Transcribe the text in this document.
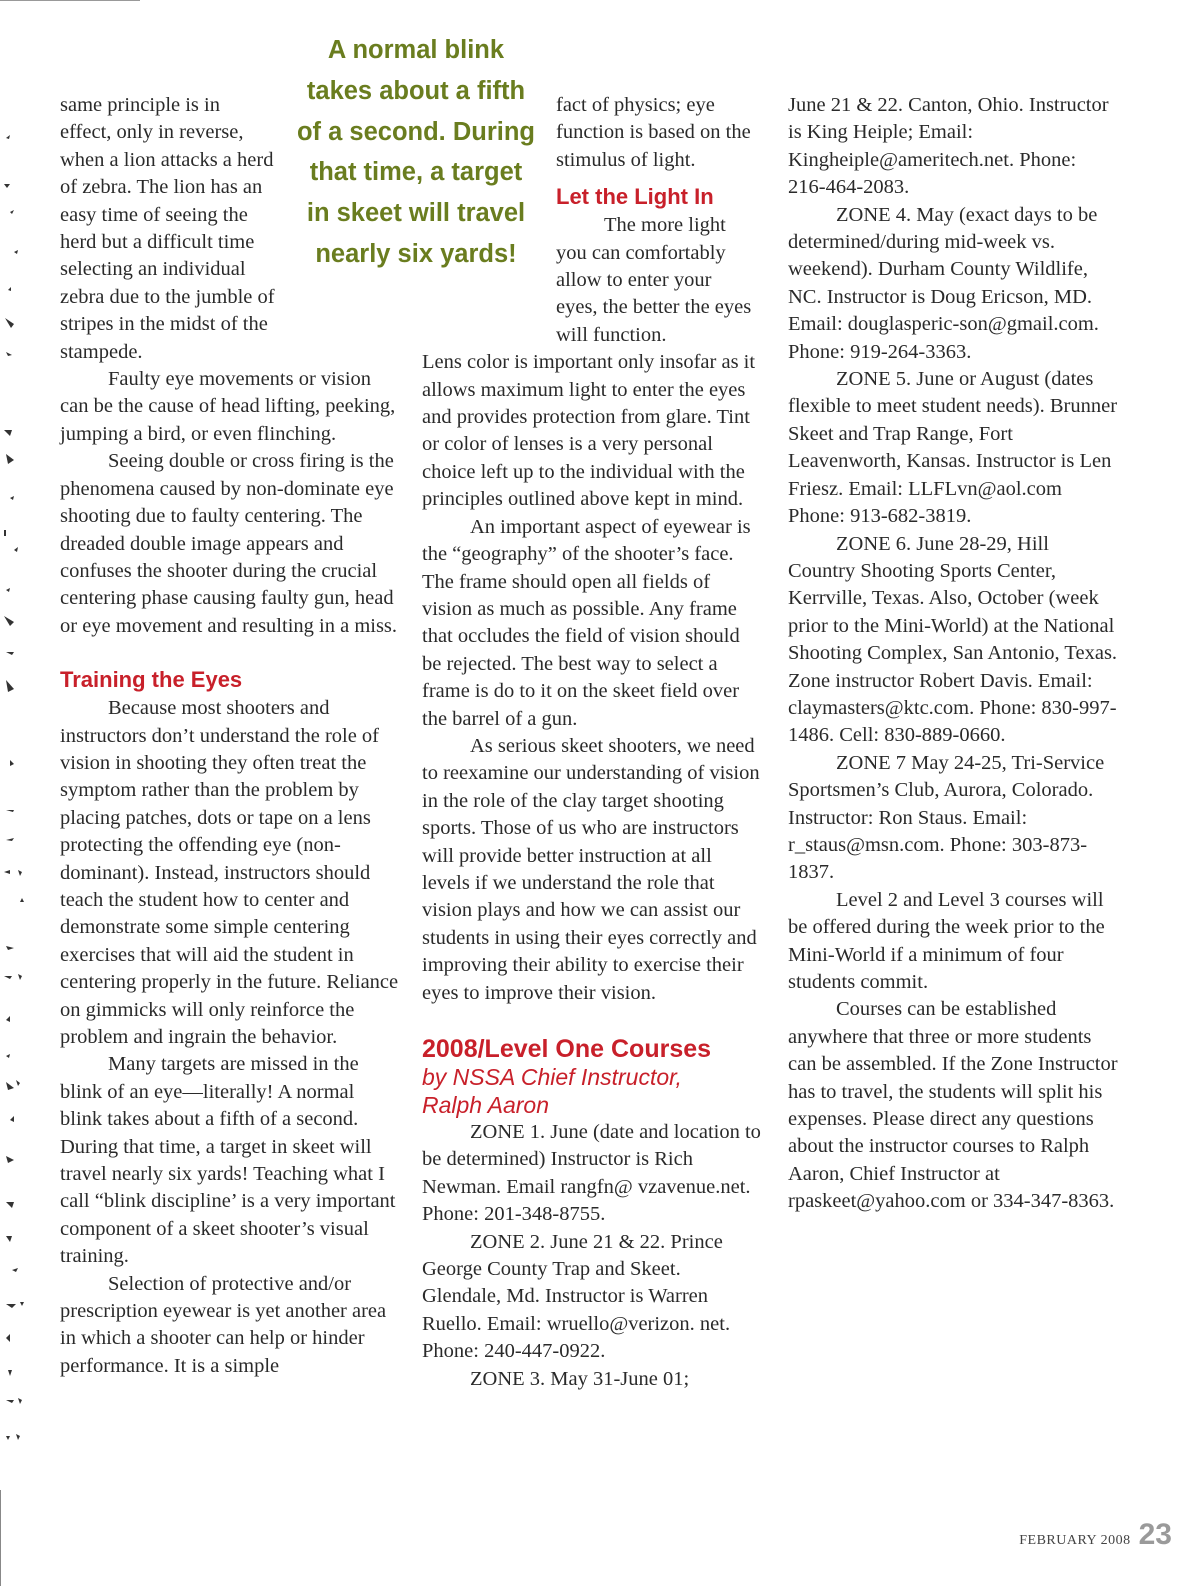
A normal blink takes about a fifth of a second. During that time, a target in skeet will travel nearly six yards!

same principle is in effect, only in reverse, when a lion attacks a herd of zebra. The lion has an easy time of seeing the herd but a difficult time selecting an individual zebra due to the jumble of stripes in the midst of the stampede.

Faulty eye movements or vision can be the cause of head lifting, peeking, jumping a bird, or even flinching.

Seeing double or cross firing is the phenomena caused by non-dominate eye shooting due to faulty centering. The dreaded double image appears and confuses the shooter during the crucial centering phase causing faulty gun, head or eye movement and resulting in a miss.

Training the Eyes

Because most shooters and instructors don’t understand the role of vision in shooting they often treat the symptom rather than the problem by placing patches, dots or tape on a lens protecting the offending eye (non-dominant). Instead, instructors should teach the student how to center and demonstrate some simple centering exercises that will aid the student in centering properly in the future. Reliance on gimmicks will only reinforce the problem and ingrain the behavior.

Many targets are missed in the blink of an eye—literally! A normal blink takes about a fifth of a second. During that time, a target in skeet will travel nearly six yards! Teaching what I call “blink discipline’ is a very important component of a skeet shooter’s visual training.

Selection of protective and/or prescription eyewear is yet another area in which a shooter can help or hinder performance. It is a simple

fact of physics; eye function is based on the stimulus of light.

Let the Light In

The more light you can comfortably allow to enter your eyes, the better the eyes will function.

Lens color is important only insofar as it allows maximum light to enter the eyes and provides protection from glare. Tint or color of lenses is a very personal choice left up to the individual with the principles outlined above kept in mind.

An important aspect of eyewear is the “geography” of the shooter’s face. The frame should open all fields of vision as much as possible. Any frame that occludes the field of vision should be rejected. The best way to select a frame is do to it on the skeet field over the barrel of a gun.

As serious skeet shooters, we need to reexamine our understanding of vision in the role of the clay target shooting sports. Those of us who are instructors will provide better instruction at all levels if we understand the role that vision plays and how we can assist our students in using their eyes correctly and improving their ability to exercise their eyes to improve their vision.

2008/Level One Courses

by NSSA Chief Instructor,

Ralph Aaron

ZONE 1. June (date and location to be determined) Instructor is Rich Newman. Email rangfn@ vzavenue.net. Phone: 201-348-8755.

ZONE 2. June 21 & 22. Prince George County Trap and Skeet. Glendale, Md. Instructor is Warren Ruello. Email: wruello@verizon. net. Phone: 240-447-0922.

ZONE 3. May 31-June 01;

June 21 & 22. Canton, Ohio. Instructor is King Heiple; Email: Kingheiple@ameritech.net. Phone: 216-464-2083.

ZONE 4. May (exact days to be determined/during mid-week vs. weekend). Durham County Wildlife, NC. Instructor is Doug Ericson, MD. Email: douglasperic-son@gmail.com. Phone: 919-264-3363.

ZONE 5. June or August (dates flexible to meet student needs). Brunner Skeet and Trap Range, Fort Leavenworth, Kansas. Instructor is Len Friesz. Email: LLFLvn@aol.com Phone: 913-682-3819.

ZONE 6. June 28-29, Hill Country Shooting Sports Center, Kerrville, Texas. Also, October (week prior to the Mini-World) at the National Shooting Complex, San Antonio, Texas. Zone instructor Robert Davis. Email: claymasters@ktc.com. Phone: 830-997-1486. Cell: 830-889-0660.

ZONE 7 May 24-25, Tri-Service Sportsmen’s Club, Aurora, Colorado. Instructor: Ron Staus. Email: r_staus@msn.com. Phone: 303-873-1837.

Level 2 and Level 3 courses will be offered during the week prior to the Mini-World if a minimum of four students commit.

Courses can be established anywhere that three or more students can be assembled. If the Zone Instructor has to travel, the students will split his expenses. Please direct any questions about the instructor courses to Ralph Aaron, Chief Instructor at rpaskeet@yahoo.com or 334-347-8363.

FEBRUARY 2008 23
